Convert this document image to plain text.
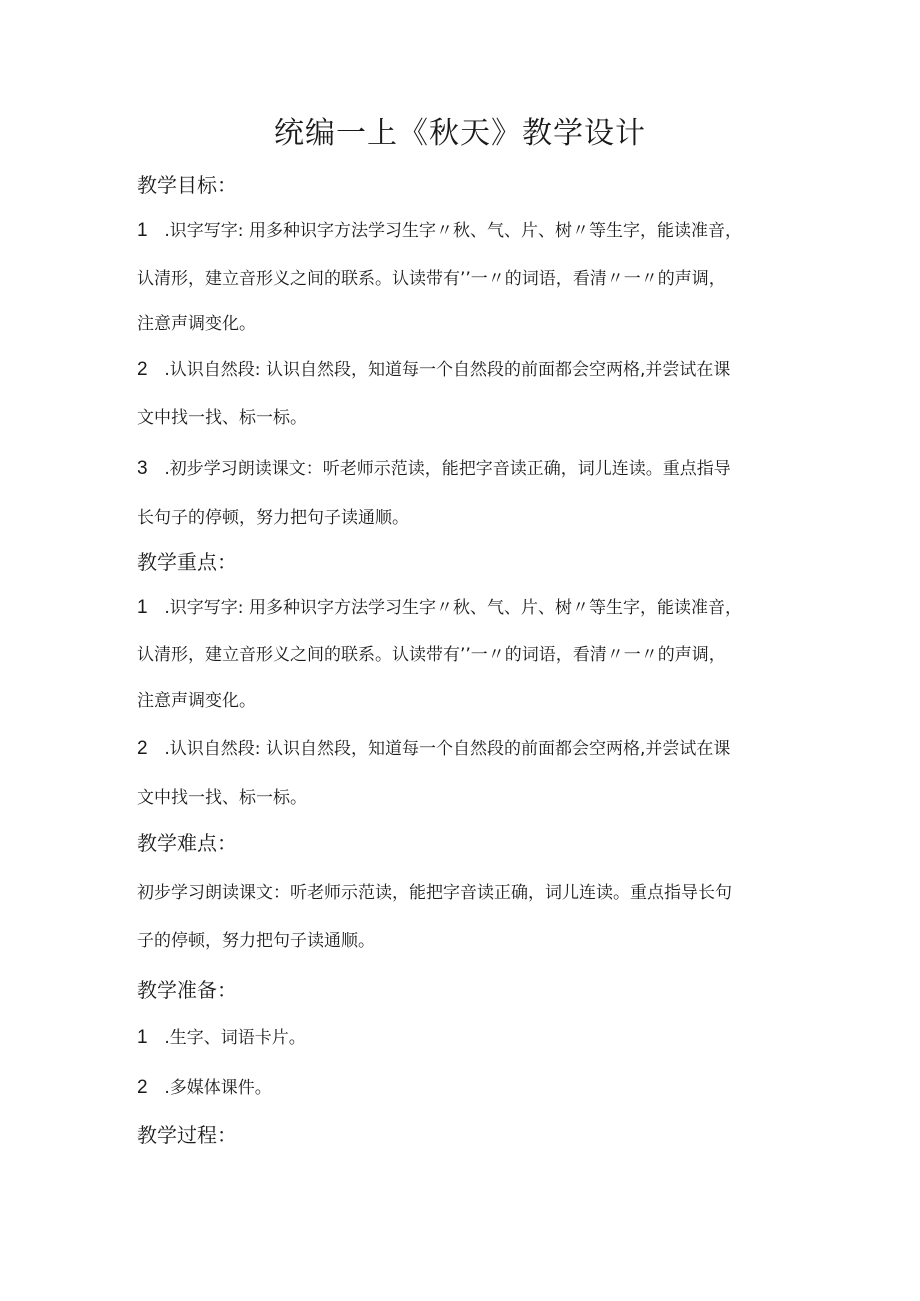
统编一上《秋天》教学设计
教学目标：
1 .识字写字: 用多种识字方法学习生字〃秋、气、片、树〃等生字，能读准音，
认清形，建立音形义之间的联系。认读带有’’一〃的词语，看清〃一〃的声调，
注意声调变化。
2 .认识自然段: 认识自然段，知道每一个自然段的前面都会空两格,并尝试在课
文中找一找、标一标。
3 .初步学习朗读课文：听老师示范读，能把字音读正确，词儿连读。重点指导
长句子的停顿，努力把句子读通顺。
教学重点：
1 .识字写字: 用多种识字方法学习生字〃秋、气、片、树〃等生字，能读准音，
认清形，建立音形义之间的联系。认读带有’’一〃的词语，看清〃一〃的声调，
注意声调变化。
2 .认识自然段: 认识自然段，知道每一个自然段的前面都会空两格,并尝试在课
文中找一找、标一标。
教学难点：
初步学习朗读课文：听老师示范读，能把字音读正确，词儿连读。重点指导长句
子的停顿，努力把句子读通顺。
教学准备：
1 .生字、词语卡片。
2 .多媒体课件。
教学过程：
